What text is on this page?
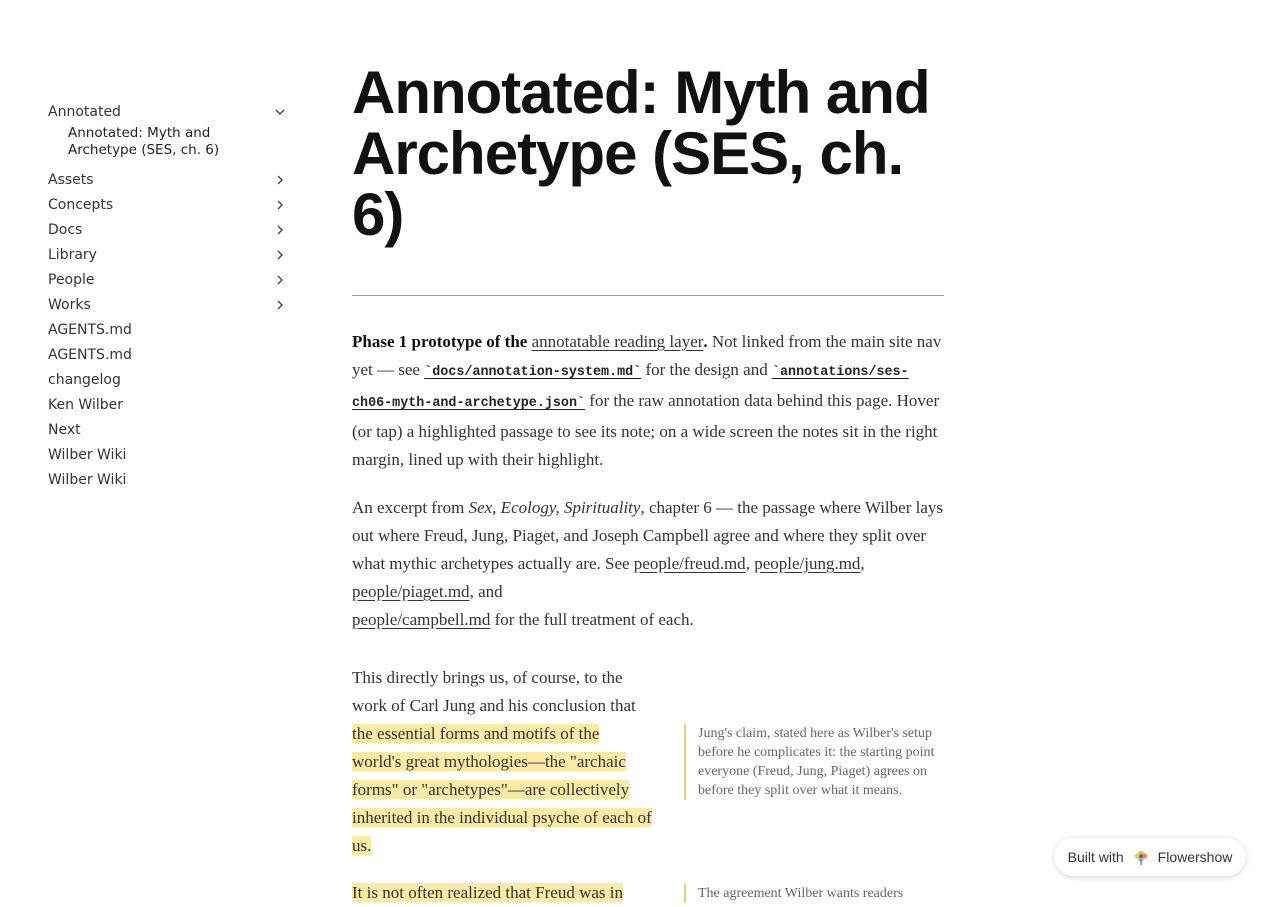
Annotated
Annotated: Myth and Archetype (SES, ch. 6)
Assets
Concepts
Docs
Library
People
Works
AGENTS.md
AGENTS.md
changelog
Ken Wilber
Next
Wilber Wiki
Wilber Wiki
Annotated: Myth and Archetype (SES, ch. 6)

Phase 1 prototype of the annotatable reading layer. Not linked from the main site nav yet — see `docs/annotation-system.md` for the design and `annotations/ses-ch06-myth-and-archetype.json` for the raw annotation data behind this page. Hover (or tap) a highlighted passage to see its note; on a wide screen the notes sit in the right margin, lined up with their highlight.

An excerpt from Sex, Ecology, Spirituality, chapter 6 — the passage where Wilber lays out where Freud, Jung, Piaget, and Joseph Campbell agree and where they split over what mythic archetypes actually are. See people/freud.md, people/jung.md, people/piaget.md, and
people/campbell.md for the full treatment of each.

This directly brings us, of course, to the work of Carl Jung and his conclusion that the essential forms and motifs of the world's great mythologies—the "archaic forms" or "archetypes"—are collectively inherited in the individual psyche of each of us.

Jung's claim, stated here as Wilber's setup before he complicates it: the starting point everyone (Freud, Jung, Piaget) agrees on before they split over what it means.

It is not often realized that Freud was in	The agreement Wilber wants readers
Built with Flowershow
